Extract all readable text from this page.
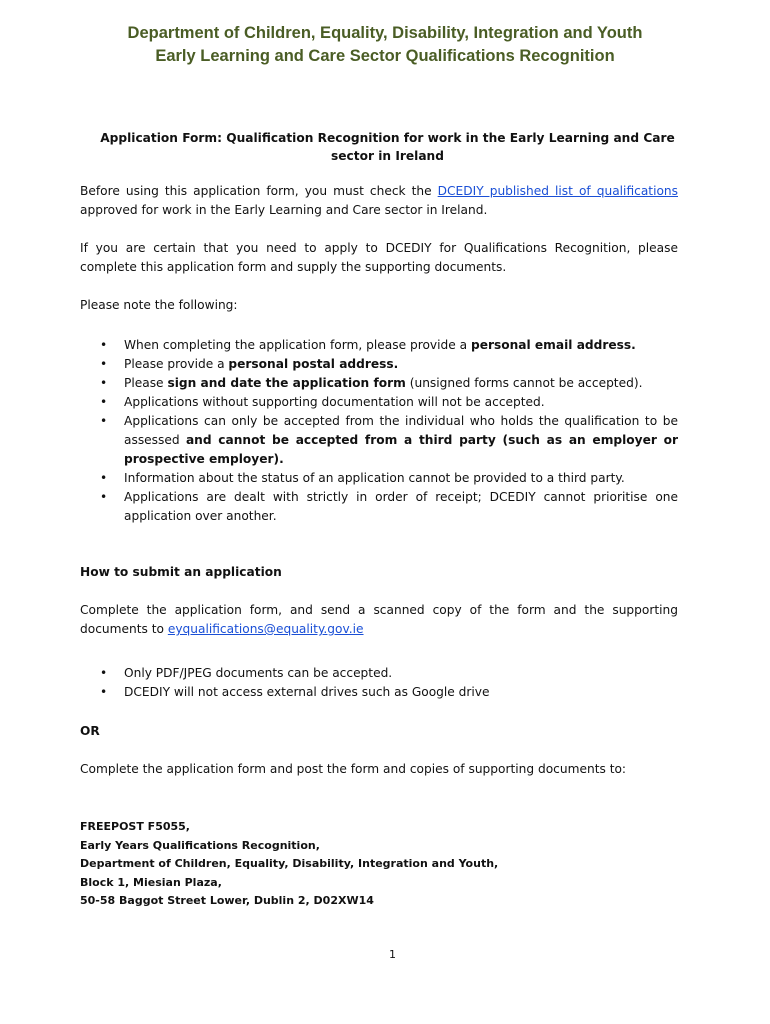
Department of Children, Equality, Disability, Integration and Youth
Early Learning and Care Sector Qualifications Recognition
Application Form: Qualification Recognition for work in the Early Learning and Care sector in Ireland
Before using this application form, you must check the DCEDIY published list of qualifications approved for work in the Early Learning and Care sector in Ireland.
If you are certain that you need to apply to DCEDIY for Qualifications Recognition, please complete this application form and supply the supporting documents.
Please note the following:
• When completing the application form, please provide a personal email address.
• Please provide a personal postal address.
• Please sign and date the application form (unsigned forms cannot be accepted).
• Applications without supporting documentation will not be accepted.
• Applications can only be accepted from the individual who holds the qualification to be assessed and cannot be accepted from a third party (such as an employer or prospective employer).
• Information about the status of an application cannot be provided to a third party.
• Applications are dealt with strictly in order of receipt; DCEDIY cannot prioritise one application over another.
How to submit an application
Complete the application form, and send a scanned copy of the form and the supporting documents to eyqualifications@equality.gov.ie
• Only PDF/JPEG documents can be accepted.
• DCEDIY will not access external drives such as Google drive
OR
Complete the application form and post the form and copies of supporting documents to:
FREEPOST F5055,
Early Years Qualifications Recognition,
Department of Children, Equality, Disability, Integration and Youth,
Block 1, Miesian Plaza,
50-58 Baggot Street Lower, Dublin 2, D02XW14
1
